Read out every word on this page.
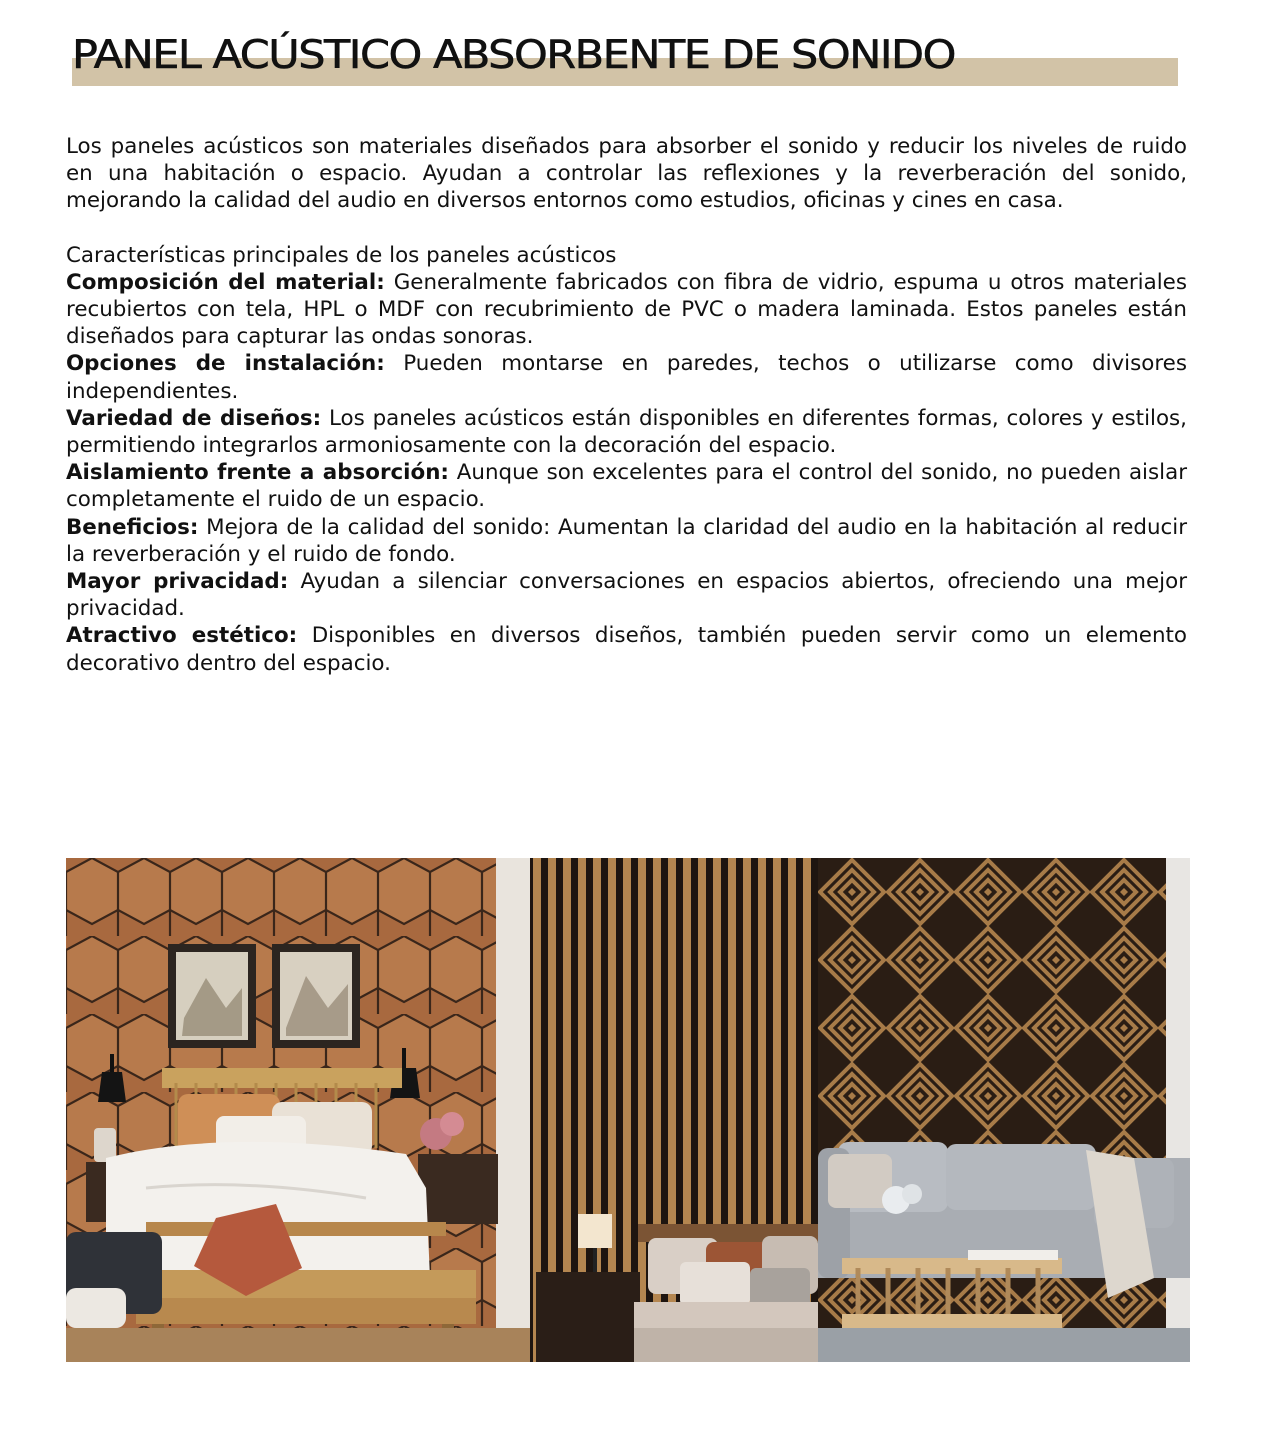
PANEL ACÚSTICO ABSORBENTE DE SONIDO

Los paneles acústicos son materiales diseñados para absorber el sonido y reducir los niveles de ruido en una habitación o espacio. Ayudan a controlar las reflexiones y la reverberación del sonido, mejorando la calidad del audio en diversos entornos como estudios, oficinas y cines en casa.

Características principales de los paneles acústicos

Composición del material: Generalmente fabricados con fibra de vidrio, espuma u otros materiales recubiertos con tela, HPL o MDF con recubrimiento de PVC o madera laminada. Estos paneles están diseñados para capturar las ondas sonoras.

Opciones de instalación: Pueden montarse en paredes, techos o utilizarse como divisores independientes.

Variedad de diseños: Los paneles acústicos están disponibles en diferentes formas, colores y estilos, permitiendo integrarlos armoniosamente con la decoración del espacio.

Aislamiento frente a absorción: Aunque son excelentes para el control del sonido, no pueden aislar completamente el ruido de un espacio.

Beneficios: Mejora de la calidad del sonido: Aumentan la claridad del audio en la habitación al reducir la reverberación y el ruido de fondo.

Mayor privacidad: Ayudan a silenciar conversaciones en espacios abiertos, ofreciendo una mejor privacidad.

Atractivo estético: Disponibles en diversos diseños, también pueden servir como un elemento decorativo dentro del espacio.
